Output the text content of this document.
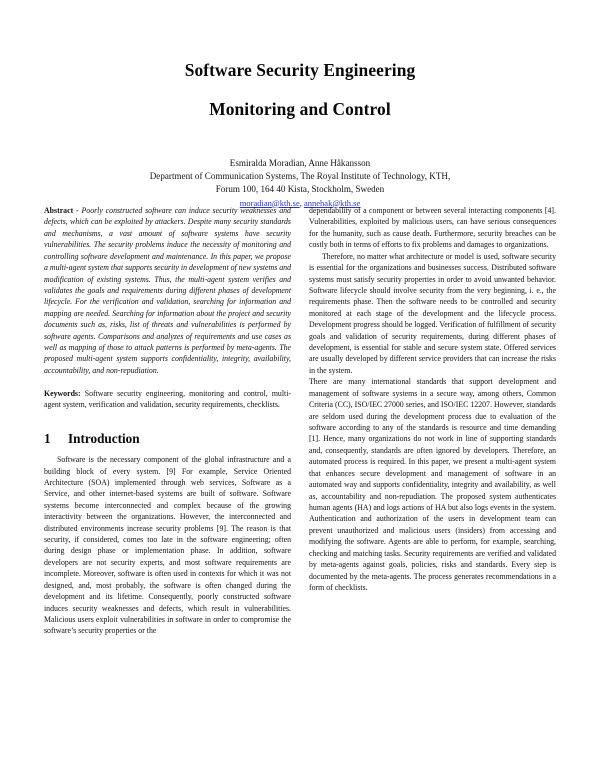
Software Security Engineering
Monitoring and Control
Esmiralda Moradian, Anne Håkansson
Department of Communication Systems, The Royal Institute of Technology, KTH,
Forum 100, 164 40 Kista, Stockholm, Sweden
moradian@kth.se, annehak@kth.se
Abstract - Poorly constructed software can induce security weaknesses and defects, which can be exploited by attackers. Despite many security standards and mechanisms, a vast amount of software systems have security vulnerabilities. The security problems induce the necessity of monitoring and controlling software development and maintenance. In this paper, we propose a multi-agent system that supports security in development of new systems and modification of existing systems. Thus, the multi-agent system verifies and validates the goals and requirements during different phases of development lifecycle. For the verification and validation, searching for information and mapping are needed. Searching for information about the project and security documents such as, risks, list of threats and vulnerabilities is performed by software agents. Comparisons and analyzes of requirements and use cases as well as mapping of those to attack patterns is performed by meta-agents. The proposed multi-agent system supports confidentiality, integrity, availability, accountability, and non-repudiation.
Keywords: Software security engineering, monitoring and control, multi-agent system, verification and validation, security requirements, checklists.
1	Introduction
Software is the necessary component of the global infrastructure and a building block of every system. [9] For example, Service Oriented Architecture (SOA) implemented through web services, Software as a Service, and other internet-based systems are built of software. Software systems become interconnected and complex because of the growing interactivity between the organizations. However, the interconnected and distributed environments increase security problems [9]. The reason is that security, if considered, comes too late in the software engineering; often during design phase or implementation phase. In addition, software developers are not security experts, and most software requirements are incomplete. Moreover, software is often used in contexts for which it was not designed, and, most probably, the software is often changed during the development and its lifetime. Consequently, poorly constructed software induces security weaknesses and defects, which result in vulnerabilities. Malicious users exploit vulnerabilities in software in order to compromise the software’s security properties or the
dependability of a component or between several interacting components [4]. Vulnerabilities, exploited by malicious users, can have serious consequences for the humanity, such as cause death. Furthermore, security breaches can be costly both in terms of efforts to fix problems and damages to organizations.
Therefore, no matter what architecture or model is used, software security is essential for the organizations and businesses success. Distributed software systems must satisfy security properties in order to avoid unwanted behavior. Software lifecycle should involve security from the very beginning, i. e., the requirements phase. Then the software needs to be controlled and security monitored at each stage of the development and the lifecycle process. Development progress should be logged. Verification of fulfillment of security goals and validation of security requirements, during different phases of development, is essential for stable and secure system state. Offered services are usually developed by different service providers that can increase the risks in the system.
There are many international standards that support development and management of software systems in a secure way, among others, Common Criteria (CC), ISO/IEC 27000 series, and ISO/IEC 12207. However, standards are seldom used during the development process due to evaluation of the software according to any of the standards is resource and time demanding [1]. Hence, many organizations do not work in line of supporting standards and, consequently, standards are often ignored by developers. Therefore, an automated process is required. In this paper, we present a multi-agent system that enhances secure development and management of software in an automated way and supports confidentiality, integrity and availability, as well as, accountability and non-repudiation. The proposed system authenticates human agents (HA) and logs actions of HA but also logs events in the system. Authentication and authorization of the users in development team can prevent unauthorized and malicious users (insiders) from accessing and modifying the software. Agents are able to perform, for example, searching, checking and matching tasks. Security requirements are verified and validated by meta-agents against goals, policies, risks and standards. Every step is documented by the meta-agents. The process generates recommendations in a form of checklists.
